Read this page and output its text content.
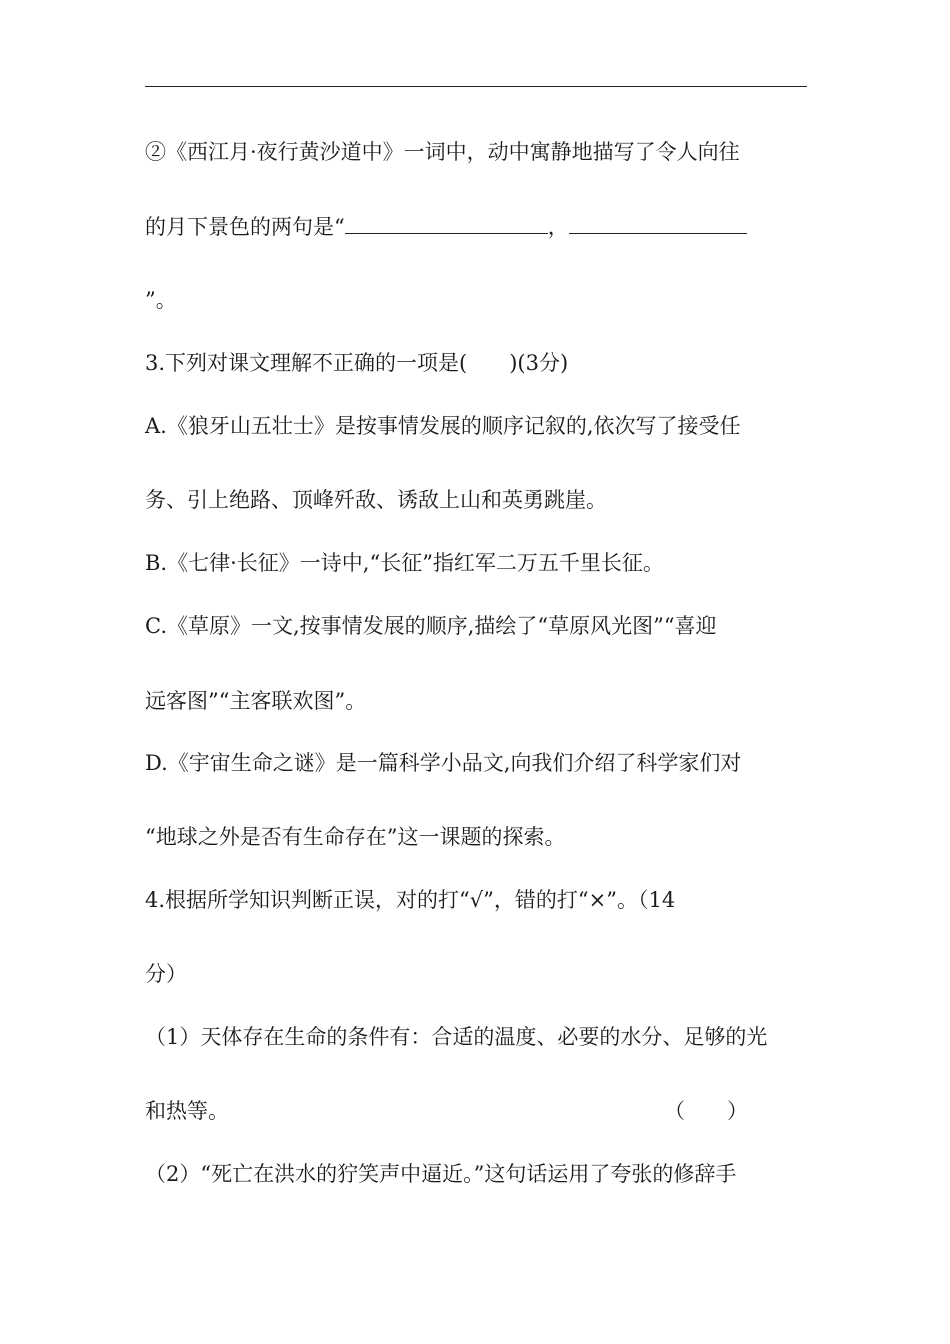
②《西江月·夜行黄沙道中》一词中，动中寓静地描写了令人向往
的月下景色的两句是“	，
”。
3.下列对课文理解不正确的一项是(　　)(3分)
A.《狼牙山五壮士》是按事情发展的顺序记叙的,依次写了接受任
务、引上绝路、顶峰歼敌、诱敌上山和英勇跳崖。
B.《七律·长征》一诗中,“长征”指红军二万五千里长征。
C.《草原》一文,按事情发展的顺序,描绘了“草原风光图”“喜迎
远客图”“主客联欢图”。
D.《宇宙生命之谜》是一篇科学小品文,向我们介绍了科学家们对
“地球之外是否有生命存在”这一课题的探索。
4.根据所学知识判断正误，对的打“√”，错的打“×”。（14
分）
（1）天体存在生命的条件有：合适的温度、必要的水分、足够的光
和热等。	（　　）
（2）“死亡在洪水的狞笑声中逼近。”这句话运用了夸张的修辞手
